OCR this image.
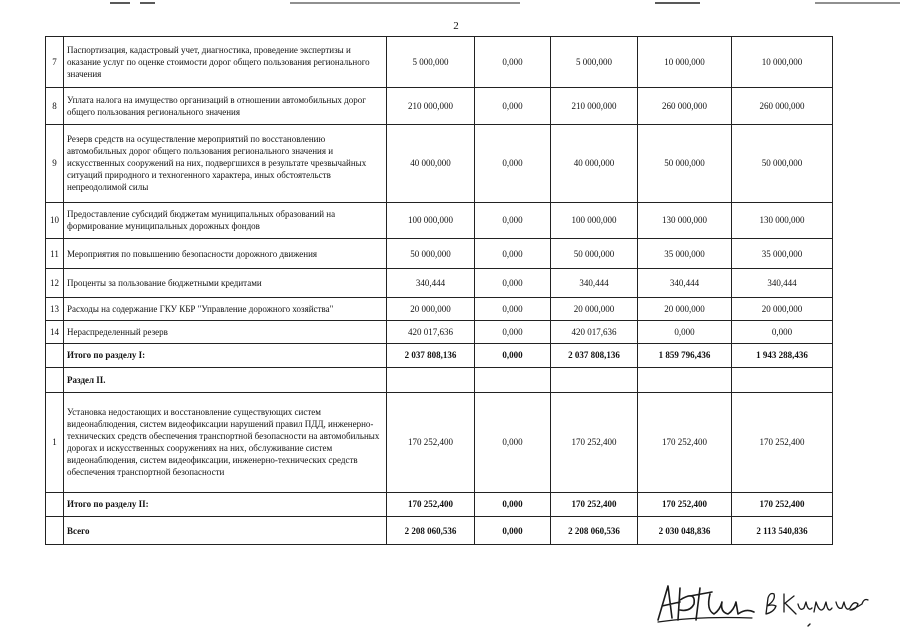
2
7	Паспортизация, кадастровый учет, диагностика, проведение экспертизы и оказание услуг по оценке стоимости дорог общего пользования регионального значения	5 000,000	0,000	5 000,000	10 000,000	10 000,000
8	Уплата налога на имущество организаций в отношении автомобильных дорог общего пользования регионального значения	210 000,000	0,000	210 000,000	260 000,000	260 000,000
9	Резерв средств на осуществление мероприятий по восстановлению автомобильных дорог общего пользования регионального значения и искусственных сооружений на них, подвергшихся в результате чрезвычайных ситуаций природного и техногенного характера, иных обстоятельств непреодолимой силы	40 000,000	0,000	40 000,000	50 000,000	50 000,000
10	Предоставление субсидий бюджетам муниципальных образований на формирование муниципальных дорожных фондов	100 000,000	0,000	100 000,000	130 000,000	130 000,000
11	Мероприятия по повышению безопасности дорожного движения	50 000,000	0,000	50 000,000	35 000,000	35 000,000
12	Проценты за пользование бюджетными кредитами	340,444	0,000	340,444	340,444	340,444
13	Расходы на содержание ГКУ КБР "Управление дорожного хозяйства"	20 000,000	0,000	20 000,000	20 000,000	20 000,000
14	Нераспределенный резерв	420 017,636	0,000	420 017,636	0,000	0,000
	Итого по разделу I:	2 037 808,136	0,000	2 037 808,136	1 859 796,436	1 943 288,436
	Раздел II.					
1	Установка недостающих и восстановление существующих систем видеонаблюдения, систем видеофиксации нарушений правил ПДД, инженерно-технических средств обеспечения транспортной безопасности на автомобильных дорогах и искусственных сооружениях на них, обслуживание систем видеонаблюдения, систем видеофиксации, инженерно-технических средств обеспечения транспортной безопасности	170 252,400	0,000	170 252,400	170 252,400	170 252,400
	Итого по разделу II:	170 252,400	0,000	170 252,400	170 252,400	170 252,400
	Всего	2 208 060,536	0,000	2 208 060,536	2 030 048,836	2 113 540,836
